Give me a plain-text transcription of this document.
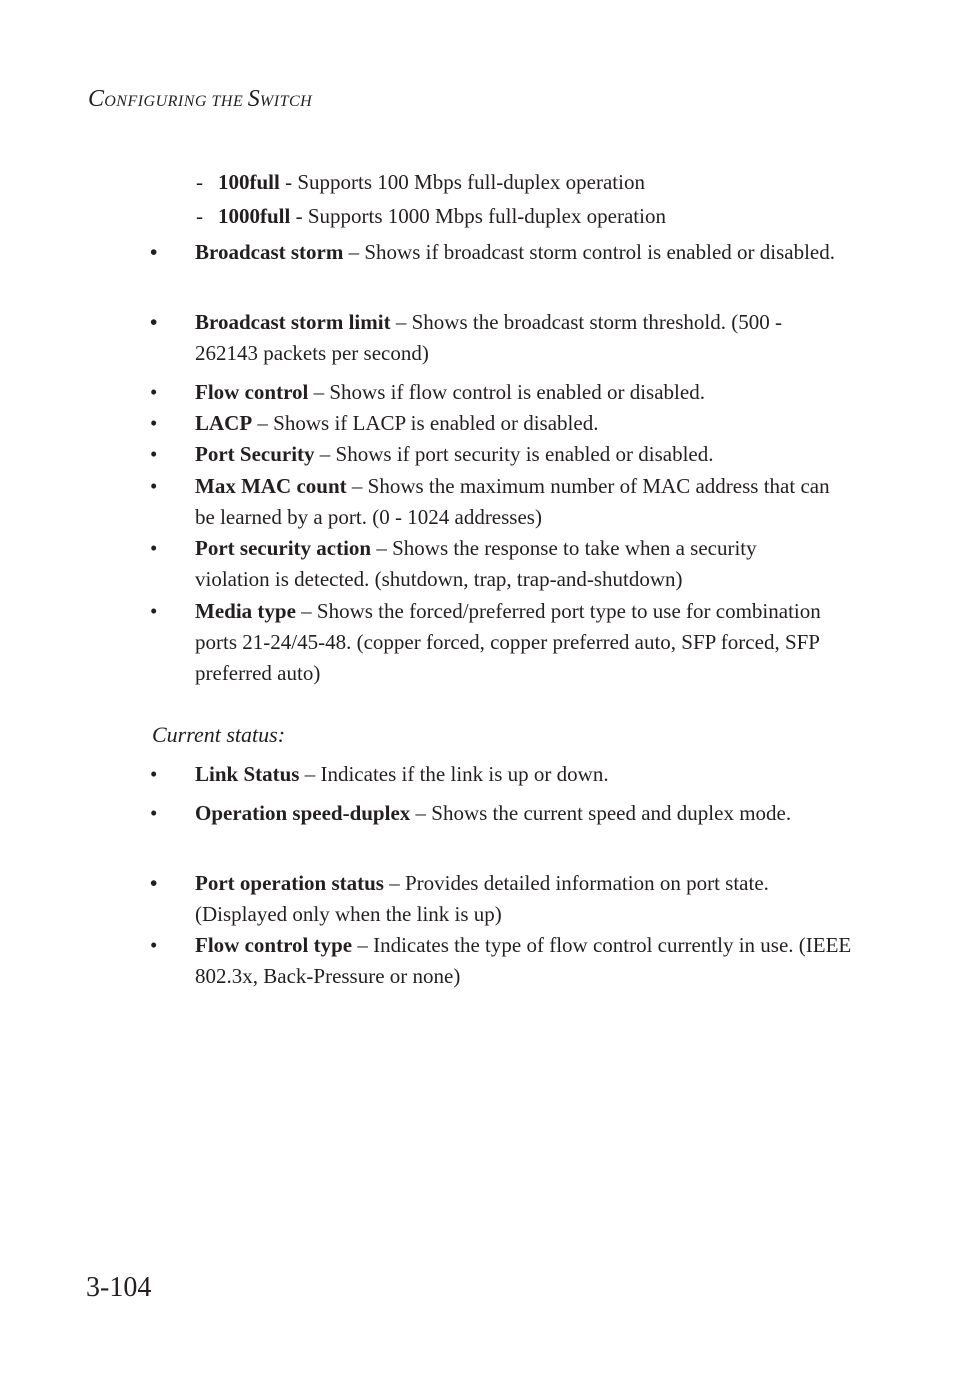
CONFIGURING THE SWITCH
- 100full - Supports 100 Mbps full-duplex operation
- 1000full - Supports 1000 Mbps full-duplex operation
•	Broadcast storm – Shows if broadcast storm control is enabled or disabled.
•	Broadcast storm limit – Shows the broadcast storm threshold. (500 - 262143 packets per second)
•	Flow control – Shows if flow control is enabled or disabled.
•	LACP – Shows if LACP is enabled or disabled.
•	Port Security – Shows if port security is enabled or disabled.
•	Max MAC count – Shows the maximum number of MAC address that can be learned by a port. (0 - 1024 addresses)
•	Port security action – Shows the response to take when a security violation is detected. (shutdown, trap, trap-and-shutdown)
•	Media type – Shows the forced/preferred port type to use for combination ports 21-24/45-48. (copper forced, copper preferred auto, SFP forced, SFP preferred auto)
Current status:
•	Link Status – Indicates if the link is up or down.
•	Operation speed-duplex – Shows the current speed and duplex mode.
•	Port operation status – Provides detailed information on port state. (Displayed only when the link is up)
•	Flow control type – Indicates the type of flow control currently in use. (IEEE 802.3x, Back-Pressure or none)
3-104
